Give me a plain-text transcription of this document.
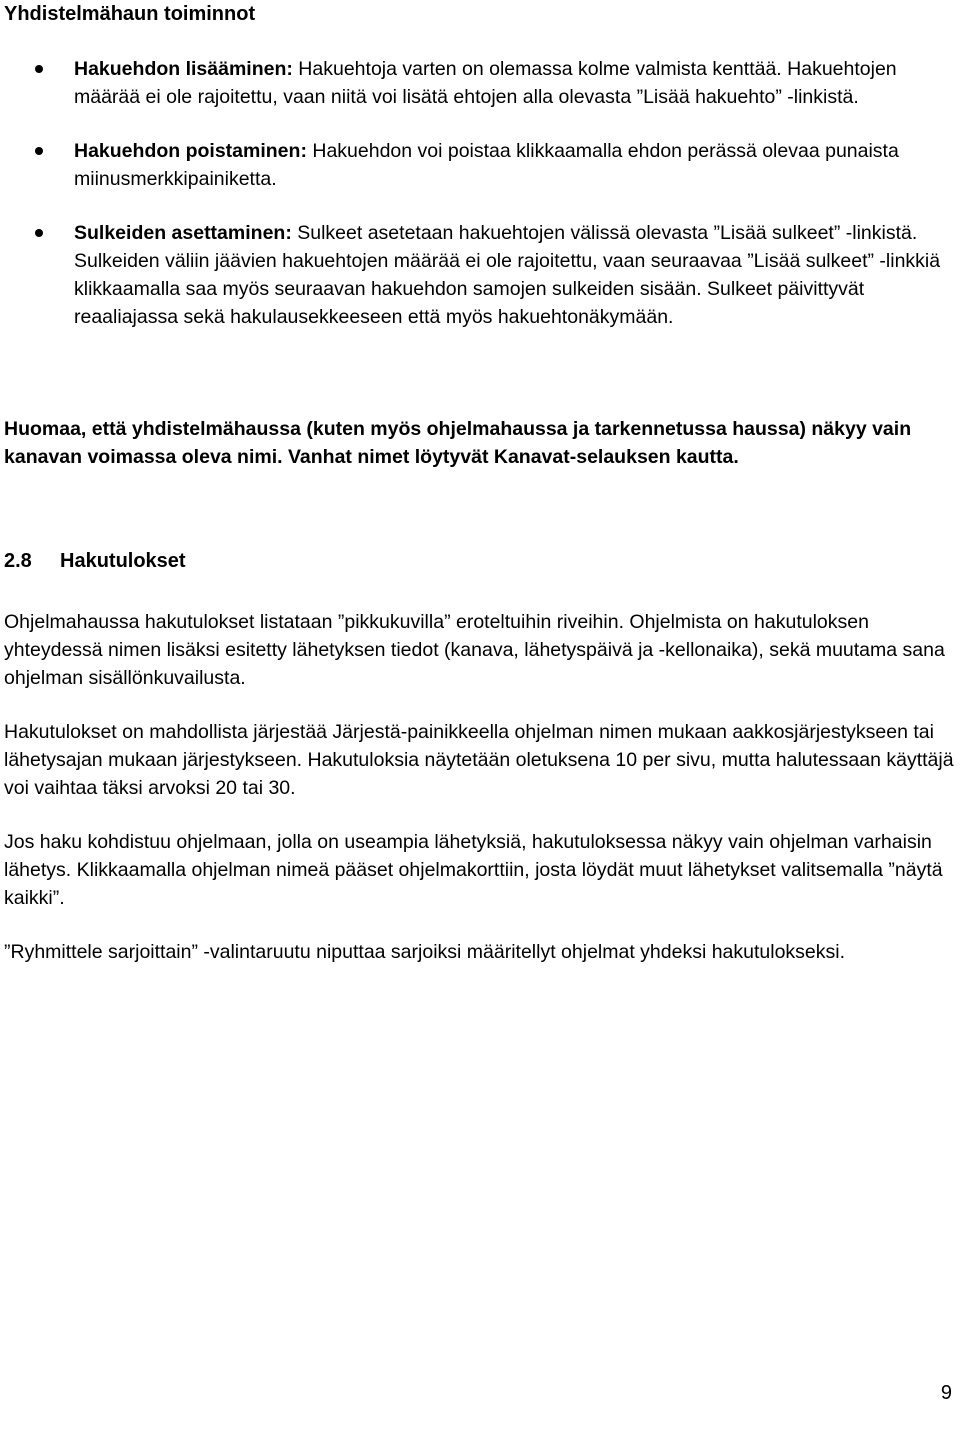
Yhdistelmähaun toiminnot
Hakuehdon lisääminen: Hakuehtoja varten on olemassa kolme valmista kenttää. Hakuehtojen määrää ei ole rajoitettu, vaan niitä voi lisätä ehtojen alla olevasta ”Lisää hakuehto” -linkistä.
Hakuehdon poistaminen: Hakuehdon voi poistaa klikkaamalla ehdon perässä olevaa punaista miinusmerkkipainiketta.
Sulkeiden asettaminen: Sulkeet asetetaan hakuehtojen välissä olevasta ”Lisää sulkeet” -linkistä. Sulkeiden väliin jäävien hakuehtojen määrää ei ole rajoitettu, vaan seuraavaa ”Lisää sulkeet” -linkkiä klikkaamalla saa myös seuraavan hakuehdon samojen sulkeiden sisään. Sulkeet päivittyvät reaaliajassa sekä hakulausekkeeseen että myös hakuehtonäkymään.
Huomaa, että yhdistelmähaussa (kuten myös ohjelmahaussa ja tarkennetussa haussa) näkyy vain kanavan voimassa oleva nimi. Vanhat nimet löytyvät Kanavat-selauksen kautta.
2.8 Hakutulokset

Ohjelmahaussa hakutulokset listataan ”pikkukuvilla” eroteltuihin riveihin. Ohjelmista on hakutuloksen yhteydessä nimen lisäksi esitetty lähetyksen tiedot (kanava, lähetyspäivä ja -kellonaika), sekä muutama sana ohjelman sisällönkuvailusta.

Hakutulokset on mahdollista järjestää Järjestä-painikkeella ohjelman nimen mukaan aakkosjärjestykseen tai lähetysajan mukaan järjestykseen. Hakutuloksia näytetään oletuksena 10 per sivu, mutta halutessaan käyttäjä voi vaihtaa täksi arvoksi 20 tai 30.

Jos haku kohdistuu ohjelmaan, jolla on useampia lähetyksiä, hakutuloksessa näkyy vain ohjelman varhaisin lähetys. Klikkaamalla ohjelman nimeä pääset ohjelmakorttiin, josta löydät muut lähetykset valitsemalla ”näytä kaikki”.

”Ryhmittele sarjoittain” -valintaruutu niputtaa sarjoiksi määritellyt ohjelmat yhdeksi hakutulokseksi.

9
